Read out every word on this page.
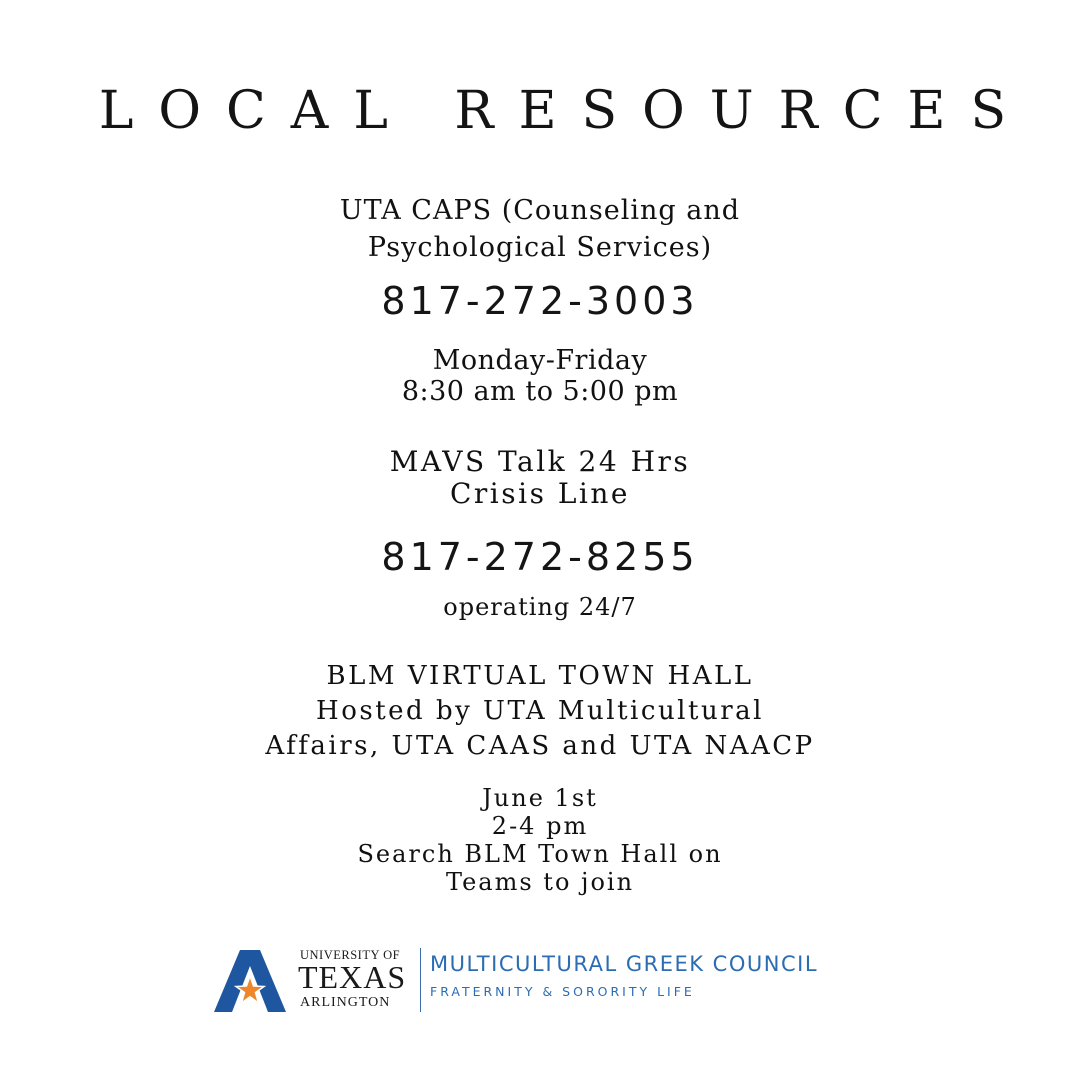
LOCAL RESOURCES
UTA CAPS (Counseling and
Psychological Services)
817-272-3003
Monday-Friday
8:30 am to 5:00 pm
MAVS Talk 24 Hrs
Crisis Line
817-272-8255
operating 24/7
BLM VIRTUAL TOWN HALL
Hosted by UTA Multicultural
Affairs, UTA CAAS and UTA NAACP
June 1st
2-4 pm
Search BLM Town Hall on
Teams to join
UNIVERSITY OF
TEXAS
ARLINGTON
MULTICULTURAL GREEK COUNCIL
FRATERNITY & SORORITY LIFE
